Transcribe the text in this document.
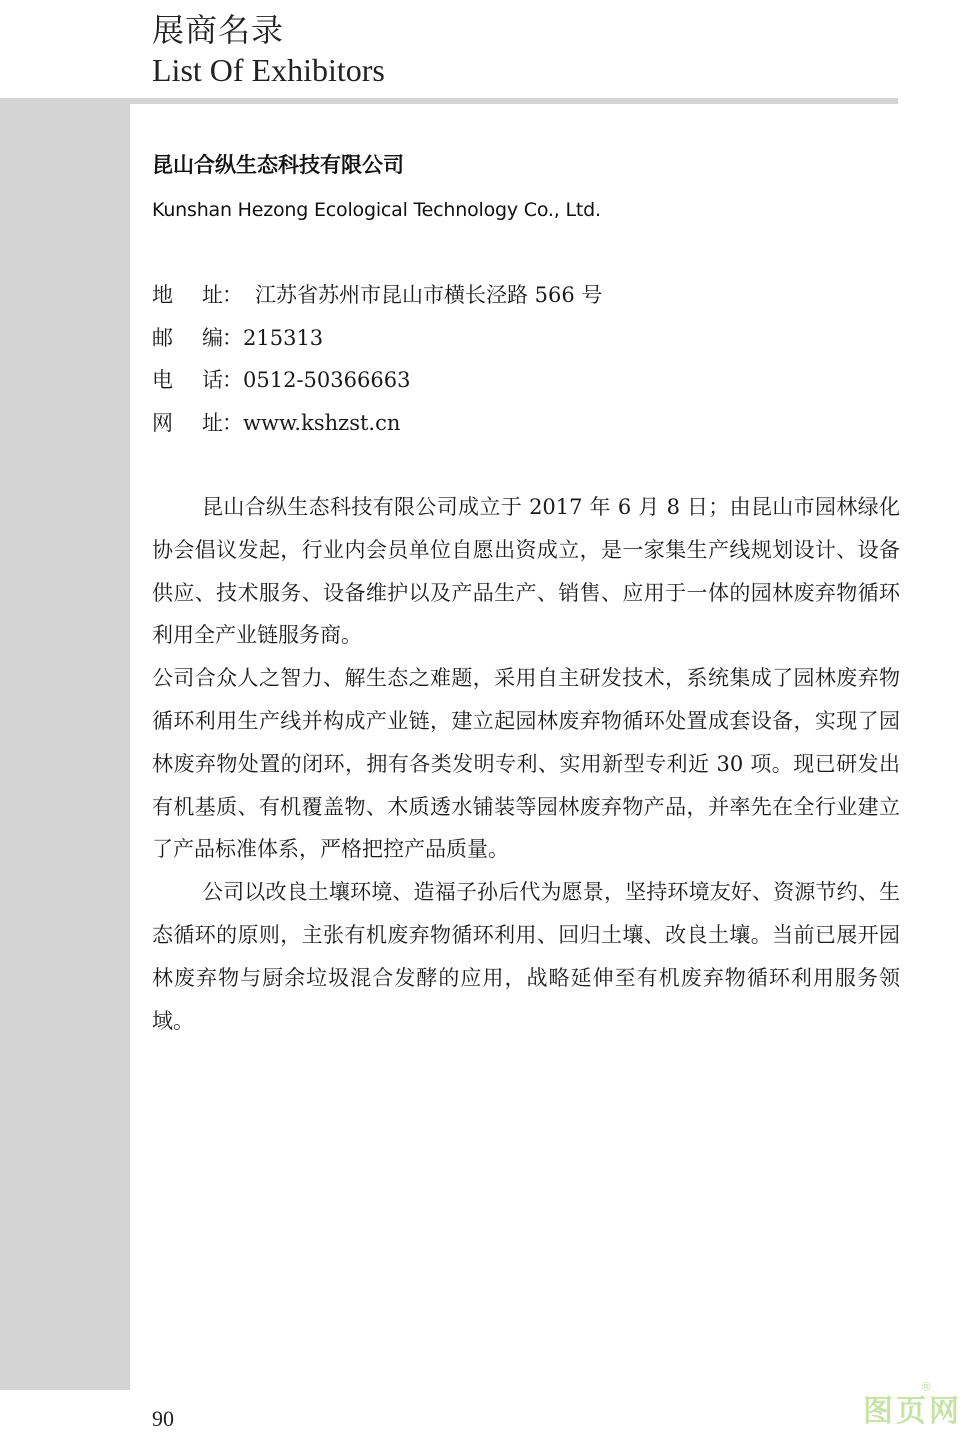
展商名录
List Of Exhibitors
昆山合纵生态科技有限公司
Kunshan Hezong Ecological Technology Co., Ltd.
地 址： 江苏省苏州市昆山市横长泾路 566 号
邮 编：215313
电 话：0512-50366663
网 址：www.kshzst.cn

昆山合纵生态科技有限公司成立于 2017 年 6 月 8 日；由昆山市园林绿化协会倡议发起，行业内会员单位自愿出资成立，是一家集生产线规划设计、设备供应、技术服务、设备维护以及产品生产、销售、应用于一体的园林废弃物循环利用全产业链服务商。

公司合众人之智力、解生态之难题，采用自主研发技术，系统集成了园林废弃物循环利用生产线并构成产业链，建立起园林废弃物循环处置成套设备，实现了园林废弃物处置的闭环，拥有各类发明专利、实用新型专利近 30 项。现已研发出有机基质、有机覆盖物、木质透水铺装等园林废弃物产品，并率先在全行业建立了产品标准体系，严格把控产品质量。

公司以改良土壤环境、造福子孙后代为愿景，坚持环境友好、资源节约、生态循环的原则，主张有机废弃物循环利用、回归土壤、改良土壤。当前已展开园林废弃物与厨余垃圾混合发酵的应用，战略延伸至有机废弃物循环利用服务领域。

90
®
图页网
